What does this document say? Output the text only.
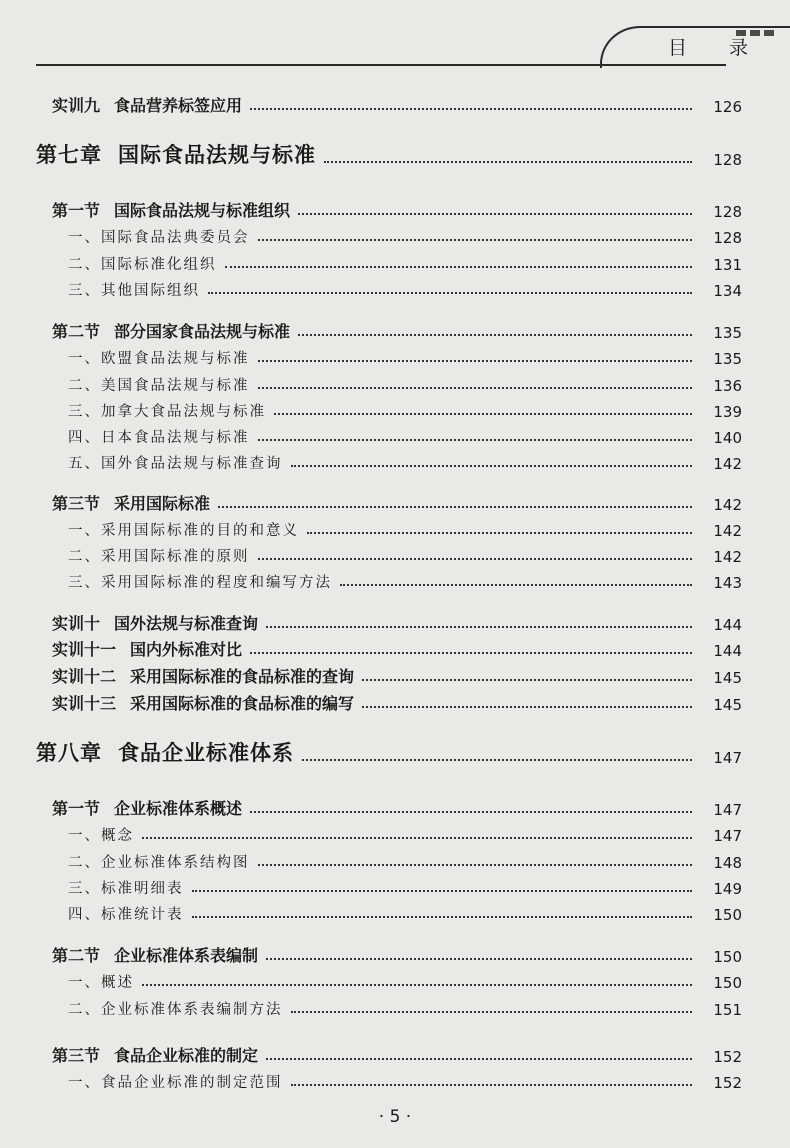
目 录
实训九 食品营养标签应用	126
第七章 国际食品法规与标准	128
第一节 国际食品法规与标准组织	128
一、国际食品法典委员会	128
二、国际标准化组织	131
三、其他国际组织	134
第二节 部分国家食品法规与标准	135
一、欧盟食品法规与标准	135
二、美国食品法规与标准	136
三、加拿大食品法规与标准	139
四、日本食品法规与标准	140
五、国外食品法规与标准查询	142
第三节 采用国际标准	142
一、采用国际标准的目的和意义	142
二、采用国际标准的原则	142
三、采用国际标准的程度和编写方法	143
实训十 国外法规与标准查询	144
实训十一 国内外标准对比	144
实训十二 采用国际标准的食品标准的查询	145
实训十三 采用国际标准的食品标准的编写	145
第八章 食品企业标准体系	147
第一节 企业标准体系概述	147
一、概念	147
二、企业标准体系结构图	148
三、标准明细表	149
四、标准统计表	150
第二节 企业标准体系表编制	150
一、概述	150
二、企业标准体系表编制方法	151
第三节 食品企业标准的制定	152
一、食品企业标准的制定范围	152
· 5 ·
